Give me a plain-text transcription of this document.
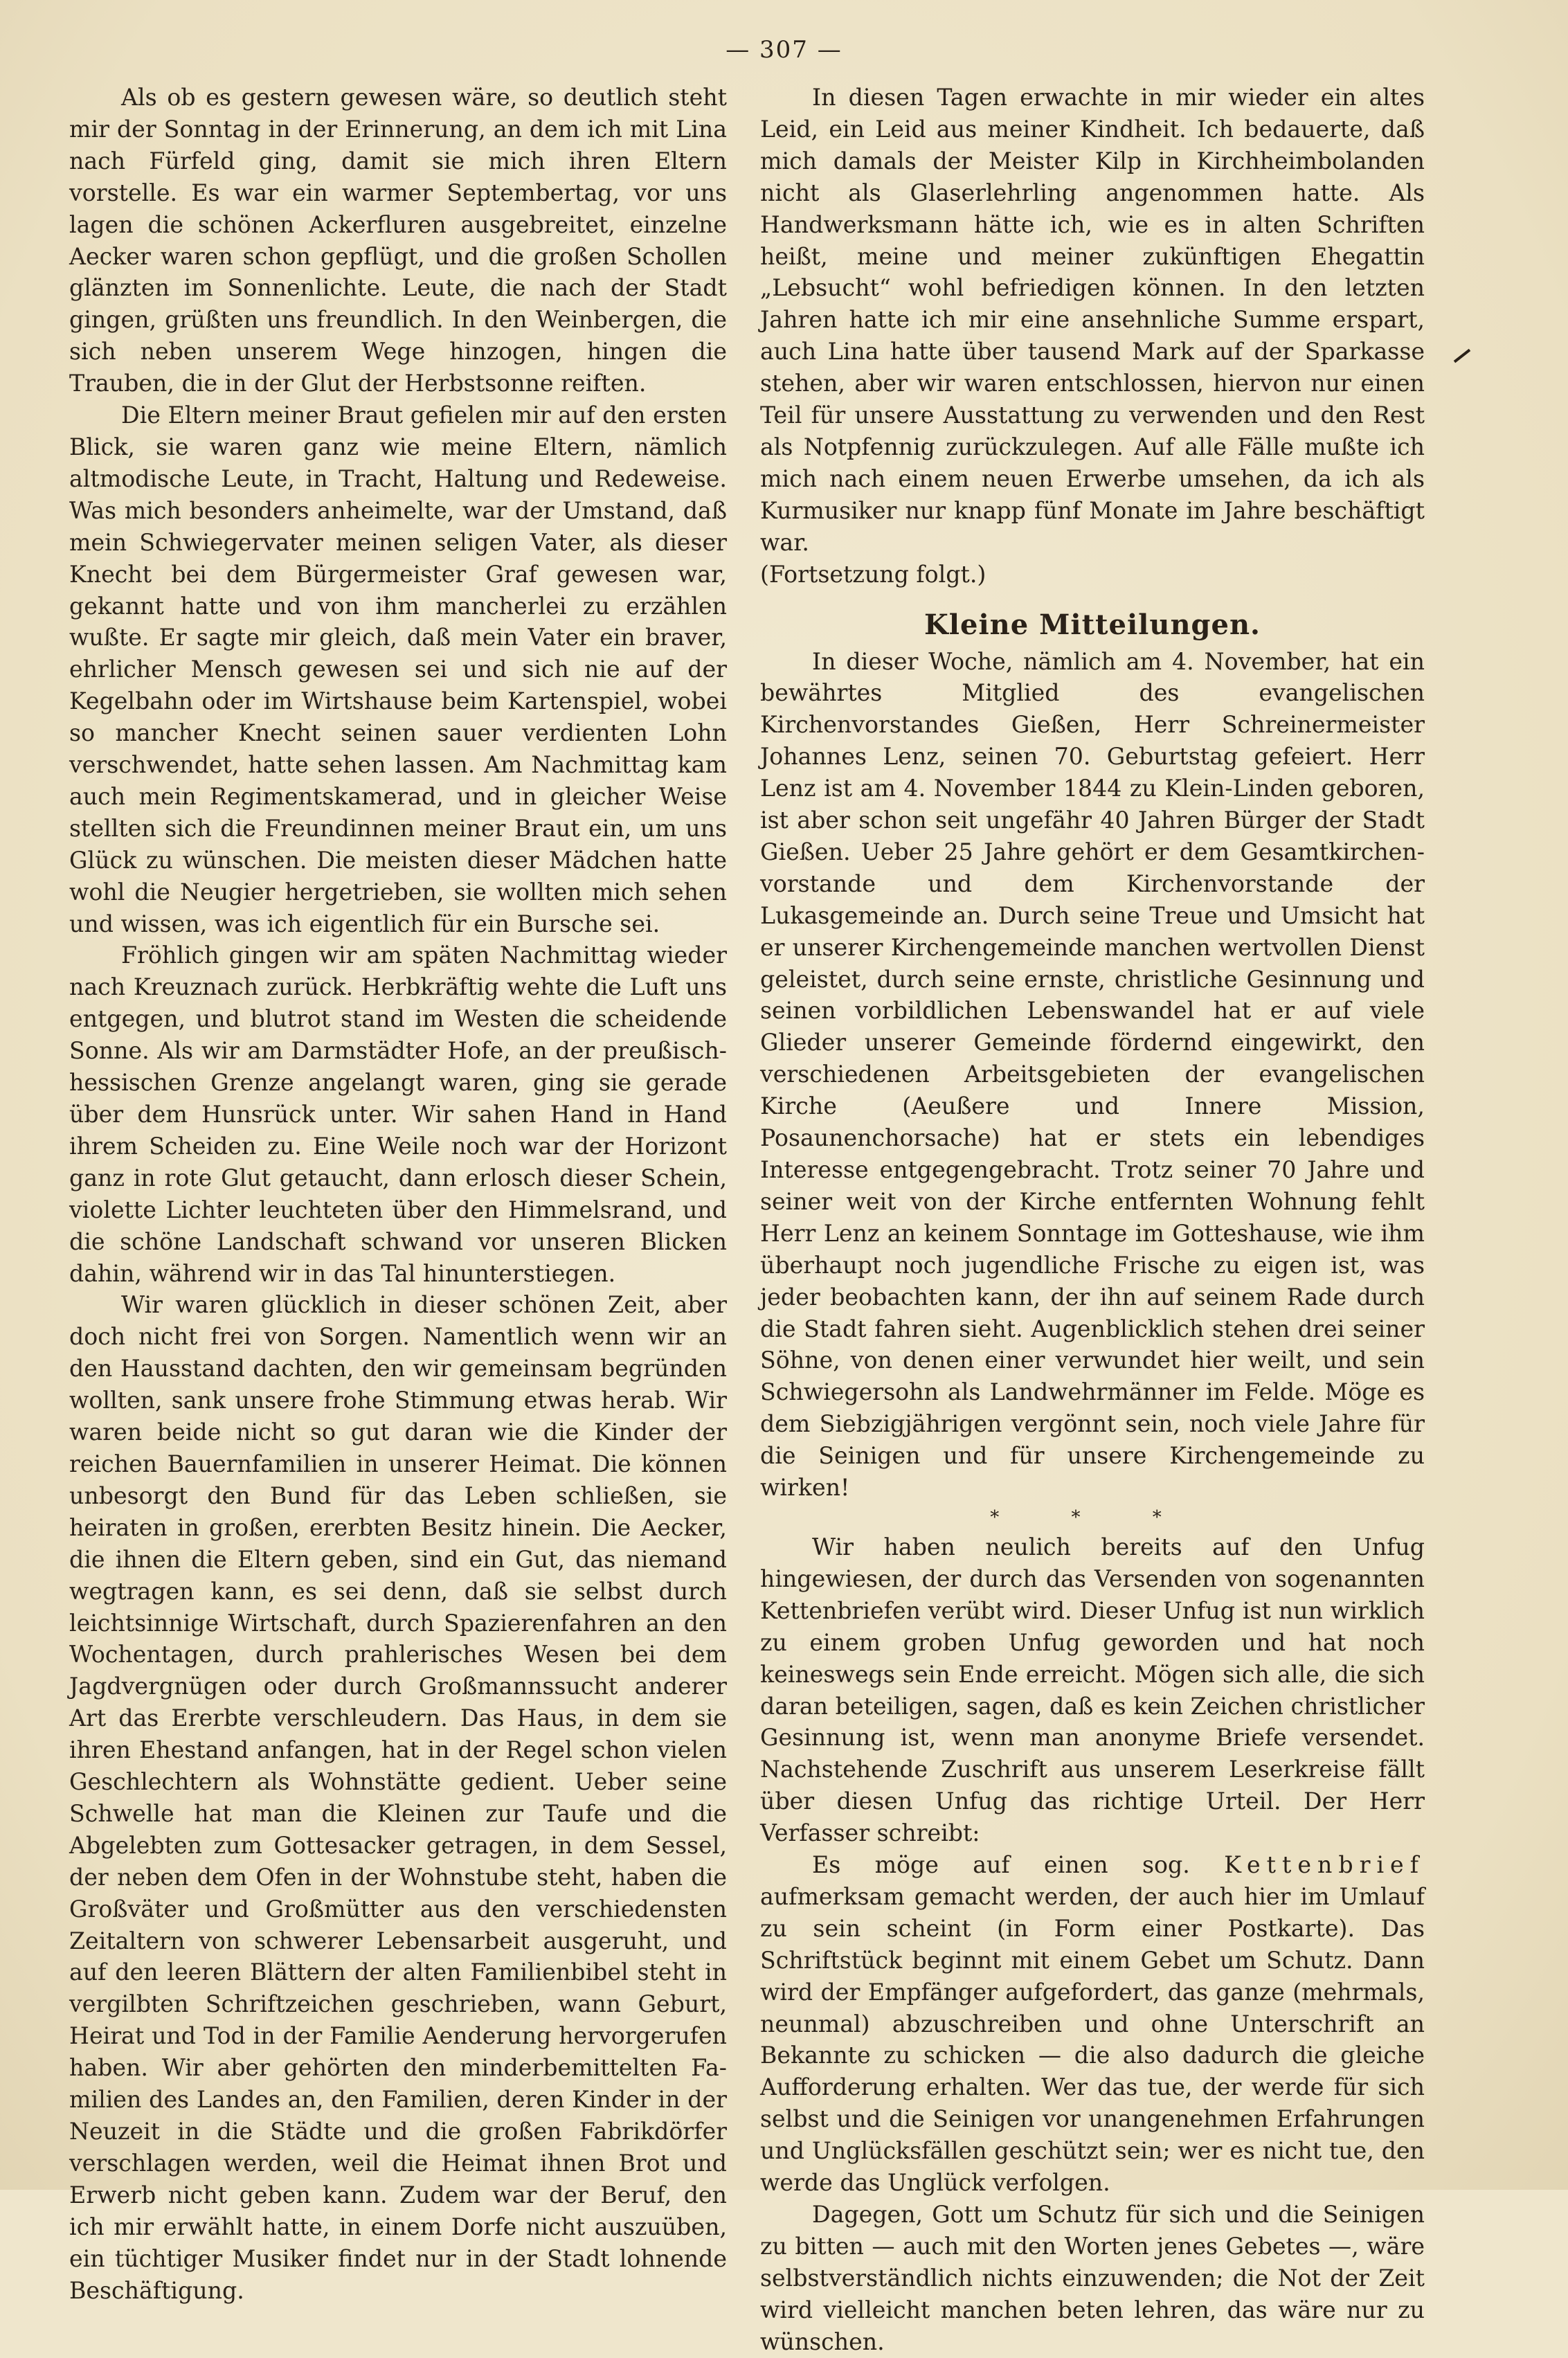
— 307 —

Als ob es gestern gewesen wäre, so deutlich steht mir der Sonntag in der Erinnerung, an dem ich mit Lina nach Fürfeld ging, damit sie mich ihren Eltern vorstelle. Es war ein warmer Septembertag, vor uns lagen die schönen Ackerfluren ausgebreitet, einzelne Aecker waren schon gepflügt, und die großen Schollen glänzten im Sonnenlichte. Leute, die nach der Stadt gingen, grüßten uns freundlich. In den Weinbergen, die sich neben unserem Wege hinzogen, hingen die Trauben, die in der Glut der Herbstsonne reiften.

Die Eltern meiner Braut gefielen mir auf den ersten Blick, sie waren ganz wie meine Eltern, nämlich altmodische Leute, in Tracht, Haltung und Redeweise. Was mich besonders anheimelte, war der Umstand, daß mein Schwiegervater meinen seligen Vater, als dieser Knecht bei dem Bürgermeister Graf gewesen war, gekannt hatte und von ihm mancherlei zu erzählen wußte. Er sagte mir gleich, daß mein Vater ein braver, ehrlicher Mensch gewesen sei und sich nie auf der Kegelbahn oder im Wirtshause beim Kartenspiel, wobei so mancher Knecht seinen sauer verdienten Lohn verschwendet, hatte sehen lassen. Am Nachmittag kam auch mein Regimentskamerad, und in gleicher Weise stellten sich die Freundinnen meiner Braut ein, um uns Glück zu wünschen. Die meisten dieser Mädchen hatte wohl die Neugier hergetrieben, sie wollten mich sehen und wissen, was ich eigentlich für ein Bursche sei.

Fröhlich gingen wir am späten Nachmittag wieder nach Kreuznach zurück. Herbkräftig wehte die Luft uns entgegen, und blutrot stand im Westen die scheidende Sonne. Als wir am Darmstädter Hofe, an der preußisch-hessischen Grenze angelangt waren, ging sie gerade über dem Hunsrück unter. Wir sahen Hand in Hand ihrem Scheiden zu. Eine Weile noch war der Horizont ganz in rote Glut getaucht, dann erlosch dieser Schein, violette Lichter leuchteten über den Himmelsrand, und die schöne Landschaft schwand vor unseren Blicken dahin, während wir in das Tal hinunterstiegen.

Wir waren glücklich in dieser schönen Zeit, aber doch nicht frei von Sorgen. Namentlich wenn wir an den Hausstand dachten, den wir gemeinsam begründen wollten, sank unsere frohe Stimmung etwas herab. Wir waren beide nicht so gut daran wie die Kinder der reichen Bauernfamilien in unserer Heimat. Die können unbesorgt den Bund für das Leben schließen, sie heiraten in großen, ererbten Besitz hinein. Die Aecker, die ihnen die Eltern geben, sind ein Gut, das niemand wegtragen kann, es sei denn, daß sie selbst durch leichtsinnige Wirtschaft, durch Spazierenfahren an den Wochentagen, durch prahlerisches Wesen bei dem Jagdvergnügen oder durch Großmannssucht anderer Art das Ererbte verschleudern. Das Haus, in dem sie ihren Ehestand anfangen, hat in der Regel schon vielen Geschlechtern als Wohnstätte gedient. Ueber seine Schwelle hat man die Kleinen zur Taufe und die Abgelebten zum Gottesacker getragen, in dem Sessel, der neben dem Ofen in der Wohnstube steht, haben die Großväter und Großmütter aus den verschiedensten Zeitaltern von schwerer Lebensarbeit ausgeruht, und auf den leeren Blättern der alten Familienbibel steht in vergilbten Schriftzeichen geschrieben, wann Geburt, Heirat und Tod in der Familie Aenderung hervorgerufen haben. Wir aber gehörten den minderbemittelten Familien des Landes an, den Familien, deren Kinder in der Neuzeit in die Städte und die großen Fabrikdörfer verschlagen werden, weil die Heimat ihnen Brot und Erwerb nicht geben kann. Zudem war der Beruf, den ich mir erwählt hatte, in einem Dorfe nicht auszuüben, ein tüchtiger Musiker findet nur in der Stadt lohnende Beschäftigung.

In diesen Tagen erwachte in mir wieder ein altes Leid, ein Leid aus meiner Kindheit. Ich bedauerte, daß mich damals der Meister Kilp in Kirchheimbolanden nicht als Glaserlehrling angenommen hatte. Als Handwerksmann hätte ich, wie es in alten Schriften heißt, meine und meiner zukünftigen Ehegattin „Lebsucht“ wohl befriedigen können. In den letzten Jahren hatte ich mir eine ansehnliche Summe erspart, auch Lina hatte über tausend Mark auf der Sparkasse stehen, aber wir waren entschlossen, hiervon nur einen Teil für unsere Ausstattung zu verwenden und den Rest als Notpfennig zurückzulegen. Auf alle Fälle mußte ich mich nach einem neuen Erwerbe umsehen, da ich als Kurmusiker nur knapp fünf Monate im Jahre beschäftigt war.

(Fortsetzung folgt.)

Kleine Mitteilungen.

In dieser Woche, nämlich am 4. November, hat ein bewährtes Mitglied des evangelischen Kirchenvorstandes Gießen, Herr Schreinermeister Johannes Lenz, seinen 70. Geburtstag gefeiert. Herr Lenz ist am 4. November 1844 zu Klein-Linden geboren, ist aber schon seit ungefähr 40 Jahren Bürger der Stadt Gießen. Ueber 25 Jahre gehört er dem Gesamtkirchenvorstande und dem Kirchenvorstande der Lukasgemeinde an. Durch seine Treue und Umsicht hat er unserer Kirchengemeinde manchen wertvollen Dienst geleistet, durch seine ernste, christliche Gesinnung und seinen vorbildlichen Lebenswandel hat er auf viele Glieder unserer Gemeinde fördernd eingewirkt, den verschiedenen Arbeitsgebieten der evangelischen Kirche (Aeußere und Innere Mission, Posaunenchorsache) hat er stets ein lebendiges Interesse entgegengebracht. Trotz seiner 70 Jahre und seiner weit von der Kirche entfernten Wohnung fehlt Herr Lenz an keinem Sonntage im Gotteshause, wie ihm überhaupt noch jugendliche Frische zu eigen ist, was jeder beobachten kann, der ihn auf seinem Rade durch die Stadt fahren sieht. Augenblicklich stehen drei seiner Söhne, von denen einer verwundet hier weilt, und sein Schwiegersohn als Landwehrmänner im Felde. Möge es dem Siebzigjährigen vergönnt sein, noch viele Jahre für die Seinigen und für unsere Kirchengemeinde zu wirken!

* * *

Wir haben neulich bereits auf den Unfug hingewiesen, der durch das Versenden von sogenannten Kettenbriefen verübt wird. Dieser Unfug ist nun wirklich zu einem groben Unfug geworden und hat noch keineswegs sein Ende erreicht. Mögen sich alle, die sich daran beteiligen, sagen, daß es kein Zeichen christlicher Gesinnung ist, wenn man anonyme Briefe versendet. Nachstehende Zuschrift aus unserem Leserkreise fällt über diesen Unfug das richtige Urteil. Der Herr Verfasser schreibt:

Es möge auf einen sog. Kettenbrief aufmerksam gemacht werden, der auch hier im Umlauf zu sein scheint (in Form einer Postkarte). Das Schriftstück beginnt mit einem Gebet um Schutz. Dann wird der Empfänger aufgefordert, das ganze (mehrmals, neunmal) abzuschreiben und ohne Unterschrift an Bekannte zu schicken — die also dadurch die gleiche Aufforderung erhalten. Wer das tue, der werde für sich selbst und die Seinigen vor unangenehmen Erfahrungen und Unglücksfällen geschützt sein; wer es nicht tue, den werde das Unglück verfolgen.

Dagegen, Gott um Schutz für sich und die Seinigen zu bitten — auch mit den Worten jenes Gebetes —, wäre selbstverständlich nichts einzuwenden; die Not der Zeit wird vielleicht manchen beten lehren, das wäre nur zu wünschen.
